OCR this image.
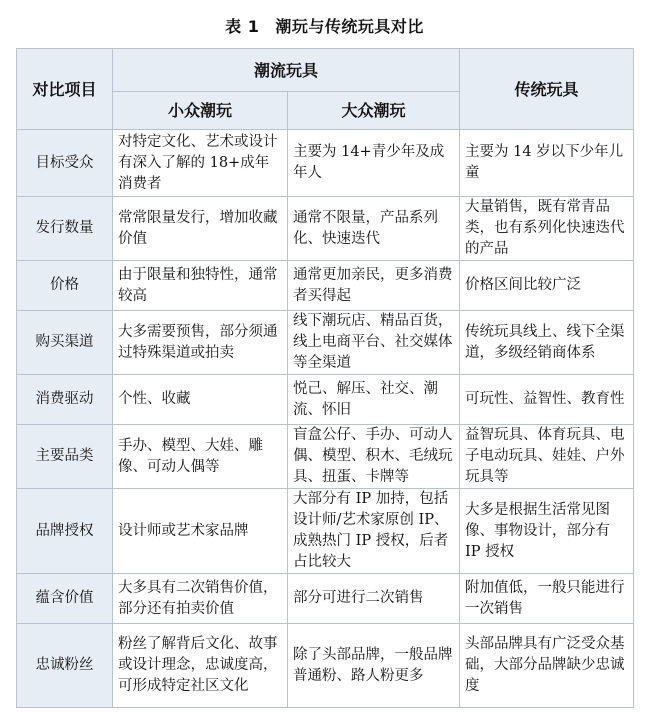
表 1 潮玩与传统玩具对比
对比项目	潮流玩具		传统玩具
	小众潮玩	大众潮玩	
目标受众	对特定文化、艺术或设计有深入了解的 18+成年消费者	主要为 14+青少年及成年人	主要为 14 岁以下少年儿童
发行数量	常常限量发行，增加收藏价值	通常不限量，产品系列化、快速迭代	大量销售，既有常青品类，也有系列化快速迭代的产品
价格	由于限量和独特性，通常较高	通常更加亲民，更多消费者买得起	价格区间比较广泛
购买渠道	大多需要预售，部分须通过特殊渠道或拍卖	线下潮玩店、精品百货，线上电商平台、社交媒体等全渠道	传统玩具线上、线下全渠道，多级经销商体系
消费驱动	个性、收藏	悦己、解压、社交、潮流、怀旧	可玩性、益智性、教育性
主要品类	手办、模型、大娃、雕像、可动人偶等	盲盒公仔、手办、可动人偶、模型、积木、毛绒玩具、扭蛋、卡牌等	益智玩具、体育玩具、电子电动玩具、娃娃、户外玩具等
品牌授权	设计师或艺术家品牌	大部分有 IP 加持，包括设计师/艺术家原创 IP、成熟热门 IP 授权，后者占比较大	大多是根据生活常见图像、事物设计，部分有 IP 授权
蕴含价值	大多具有二次销售价值，部分还有拍卖价值	部分可进行二次销售	附加值低，一般只能进行一次销售
忠诚粉丝	粉丝了解背后文化、故事或设计理念，忠诚度高，可形成特定社区文化	除了头部品牌，一般品牌普通粉、路人粉更多	头部品牌具有广泛受众基础，大部分品牌缺少忠诚度
